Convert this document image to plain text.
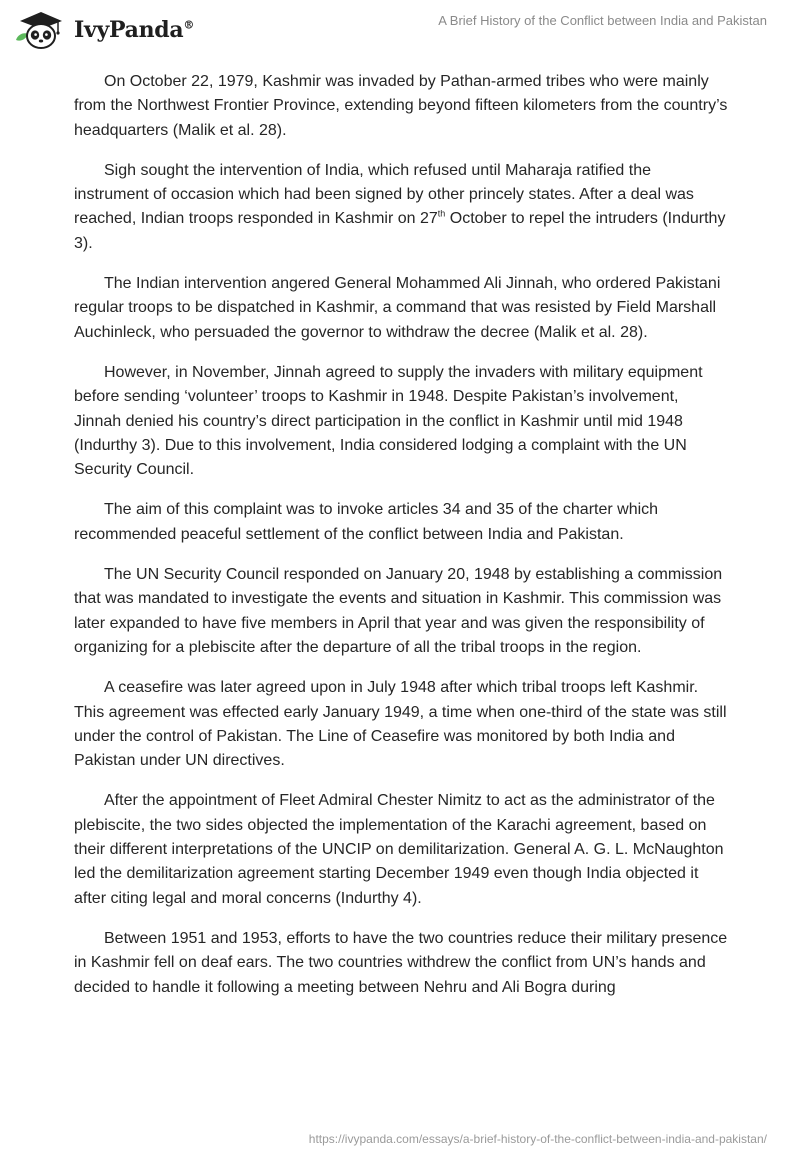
IvyPanda®	A Brief History of the Conflict between India and Pakistan

On October 22, 1979, Kashmir was invaded by Pathan-armed tribes who were mainly from the Northwest Frontier Province, extending beyond fifteen kilometers from the country’s headquarters (Malik et al. 28).

Sigh sought the intervention of India, which refused until Maharaja ratified the instrument of occasion which had been signed by other princely states. After a deal was reached, Indian troops responded in Kashmir on 27th October to repel the intruders (Indurthy 3).

The Indian intervention angered General Mohammed Ali Jinnah, who ordered Pakistani regular troops to be dispatched in Kashmir, a command that was resisted by Field Marshall Auchinleck, who persuaded the governor to withdraw the decree (Malik et al. 28).

However, in November, Jinnah agreed to supply the invaders with military equipment before sending ‘volunteer’ troops to Kashmir in 1948. Despite Pakistan’s involvement, Jinnah denied his country’s direct participation in the conflict in Kashmir until mid 1948 (Indurthy 3). Due to this involvement, India considered lodging a complaint with the UN Security Council.

The aim of this complaint was to invoke articles 34 and 35 of the charter which recommended peaceful settlement of the conflict between India and Pakistan.

The UN Security Council responded on January 20, 1948 by establishing a commission that was mandated to investigate the events and situation in Kashmir. This commission was later expanded to have five members in April that year and was given the responsibility of organizing for a plebiscite after the departure of all the tribal troops in the region.

A ceasefire was later agreed upon in July 1948 after which tribal troops left Kashmir. This agreement was effected early January 1949, a time when one-third of the state was still under the control of Pakistan. The Line of Ceasefire was monitored by both India and Pakistan under UN directives.

After the appointment of Fleet Admiral Chester Nimitz to act as the administrator of the plebiscite, the two sides objected the implementation of the Karachi agreement, based on their different interpretations of the UNCIP on demilitarization. General A. G. L. McNaughton led the demilitarization agreement starting December 1949 even though India objected it after citing legal and moral concerns (Indurthy 4).

Between 1951 and 1953, efforts to have the two countries reduce their military presence in Kashmir fell on deaf ears. The two countries withdrew the conflict from UN’s hands and decided to handle it following a meeting between Nehru and Ali Bogra during

https://ivypanda.com/essays/a-brief-history-of-the-conflict-between-india-and-pakistan/
